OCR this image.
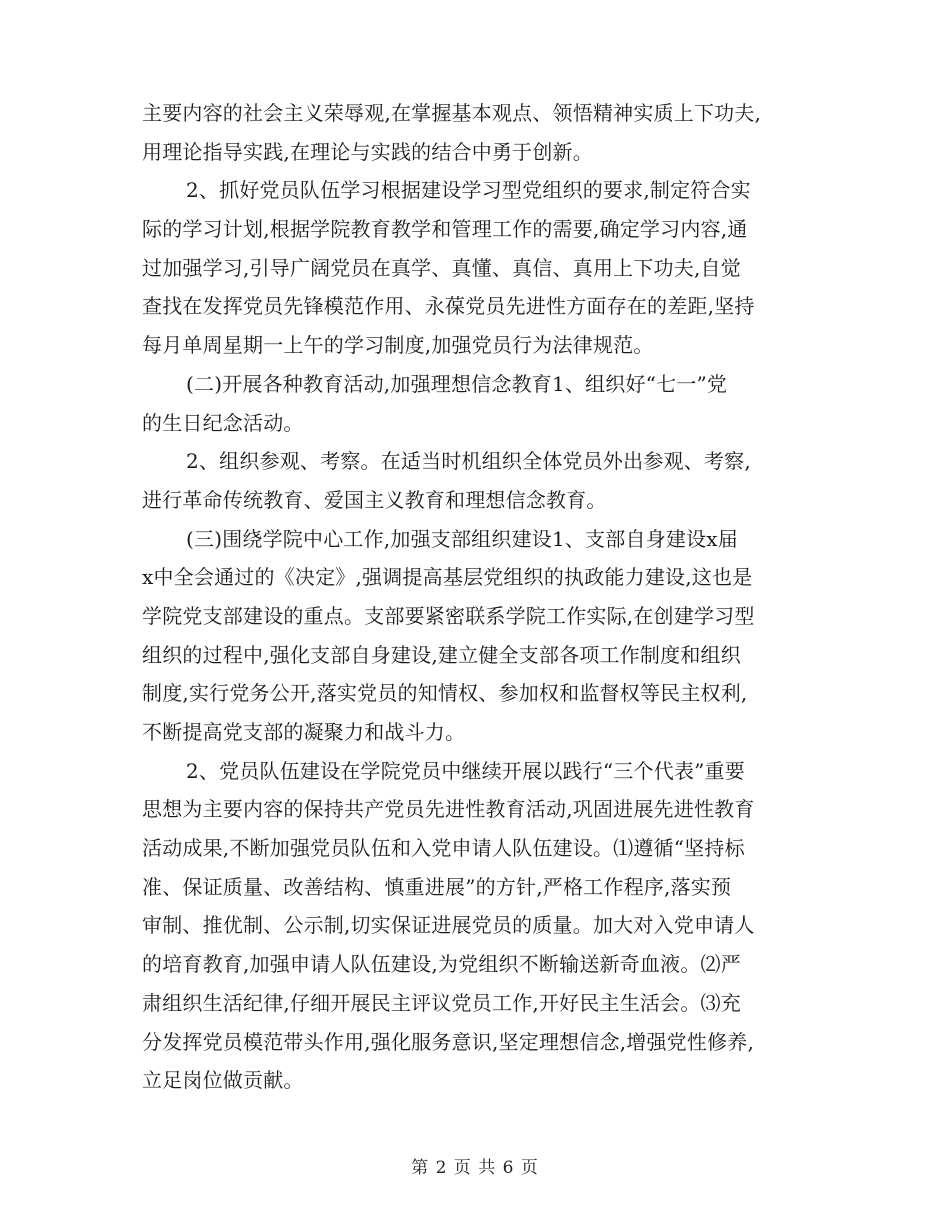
主要内容的社会主义荣辱观,在掌握基本观点、领悟精神实质上下功夫,
用理论指导实践,在理论与实践的结合中勇于创新。
2、抓好党员队伍学习根据建设学习型党组织的要求,制定符合实
际的学习计划,根据学院教育教学和管理工作的需要,确定学习内容,通
过加强学习,引导广阔党员在真学、真懂、真信、真用上下功夫,自觉
查找在发挥党员先锋模范作用、永葆党员先进性方面存在的差距,坚持
每月单周星期一上午的学习制度,加强党员行为法律规范。
(二)开展各种教育活动,加强理想信念教育1、组织好“七一”党
的生日纪念活动。
2、组织参观、考察。在适当时机组织全体党员外出参观、考察,
进行革命传统教育、爱国主义教育和理想信念教育。
(三)围绕学院中心工作,加强支部组织建设1、支部自身建设x届
x中全会通过的《决定》,强调提高基层党组织的执政能力建设,这也是
学院党支部建设的重点。支部要紧密联系学院工作实际,在创建学习型
组织的过程中,强化支部自身建设,建立健全支部各项工作制度和组织
制度,实行党务公开,落实党员的知情权、参加权和监督权等民主权利,
不断提高党支部的凝聚力和战斗力。
2、党员队伍建设在学院党员中继续开展以践行“三个代表”重要
思想为主要内容的保持共产党员先进性教育活动,巩固进展先进性教育
活动成果,不断加强党员队伍和入党申请人队伍建设。⑴遵循“坚持标
准、保证质量、改善结构、慎重进展”的方针,严格工作程序,落实预
审制、推优制、公示制,切实保证进展党员的质量。加大对入党申请人
的培育教育,加强申请人队伍建设,为党组织不断输送新奇血液。⑵严
肃组织生活纪律,仔细开展民主评议党员工作,开好民主生活会。⑶充
分发挥党员模范带头作用,强化服务意识,坚定理想信念,增强党性修养,
立足岗位做贡献。
第 2 页 共 6 页
